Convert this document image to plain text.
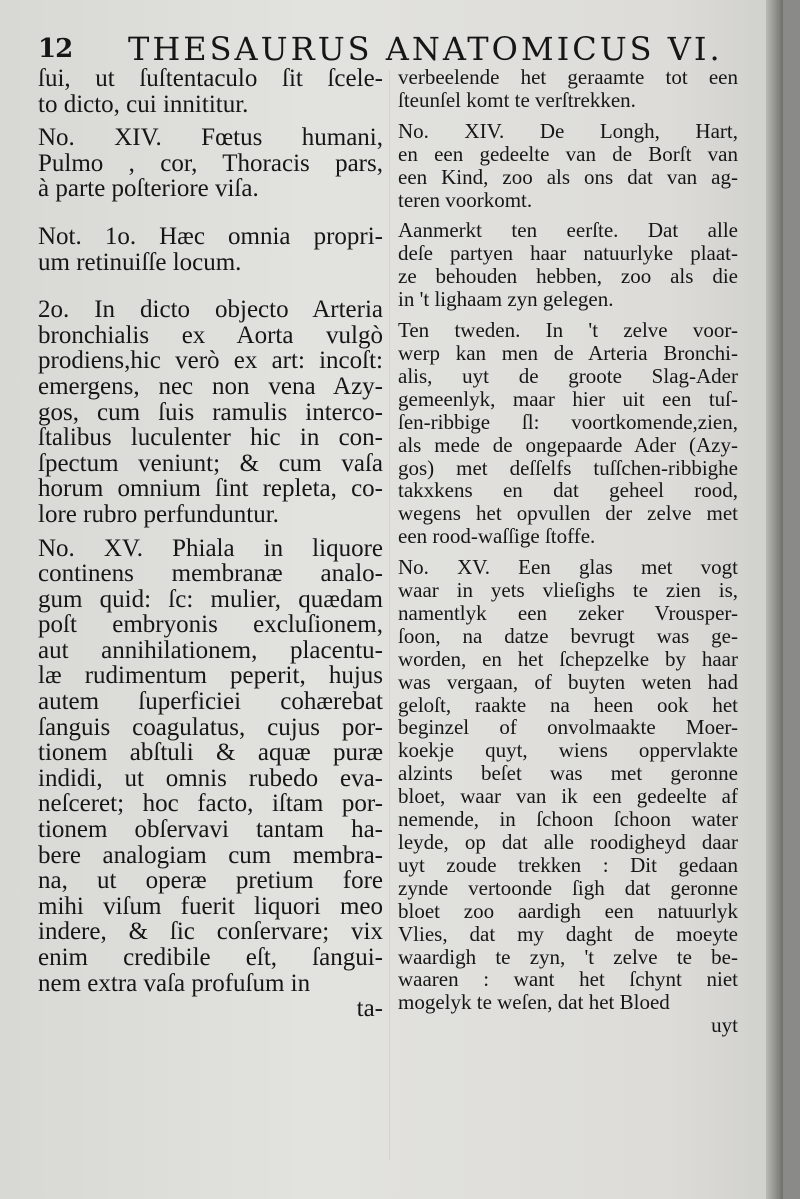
12 THESAURUS ANATOMICUS VI.
ſui, ut ſuſtentaculo ſit ſcele-
to dicto, cui innititur.
No. XIV. Fœtus humani,
Pulmo , cor, Thoracis pars,
à parte poſteriore viſa.
Not. 1o. Hæc omnia propri-
um retinuiſſe locum.
2o. In dicto objecto Arteria
bronchialis ex Aorta vulgò
prodiens,hic verò ex art: incoſt:
emergens, nec non vena Azy-
gos, cum ſuis ramulis interco-
ſtalibus luculenter hic in con-
ſpectum veniunt; & cum vaſa
horum omnium ſint repleta, co-
lore rubro perfunduntur.
No. XV. Phiala in liquore
continens membranæ analo-
gum quid: ſc: mulier, quædam
poſt embryonis excluſionem,
aut annihilationem, placentu-
læ rudimentum peperit, hujus
autem ſuperficiei cohærebat
ſanguis coagulatus, cujus por-
tionem abſtuli & aquæ puræ
indidi, ut omnis rubedo eva-
neſceret; hoc facto, iſtam por-
tionem obſervavi tantam ha-
bere analogiam cum membra-
na, ut operæ pretium fore
mihi viſum fuerit liquori meo
indere, & ſic conſervare; vix
enim credibile eſt, ſangui-
nem extra vaſa profuſum in
ta-
verbeelende het geraamte tot een
ſteunſel komt te verſtrekken.
No. XIV. De Longh, Hart,
en een gedeelte van de Borſt van
een Kind, zoo als ons dat van ag-
teren voorkomt.
Aanmerkt ten eerſte. Dat alle
deſe partyen haar natuurlyke plaat-
ze behouden hebben, zoo als die
in 't lighaam zyn gelegen.
Ten tweden. In 't zelve voor-
werp kan men de Arteria Bronchi-
alis, uyt de groote Slag-Ader
gemeenlyk, maar hier uit een tuſ-
ſen-ribbige ſl: voortkomende,zien,
als mede de ongepaarde Ader (Azy-
gos) met deſſelfs tuſſchen-ribbighe
takxkens en dat geheel rood,
wegens het opvullen der zelve met
een rood-waſſige ſtoffe.
No. XV. Een glas met vogt
waar in yets vlieſighs te zien is,
namentlyk een zeker Vrousper-
ſoon, na datze bevrugt was ge-
worden, en het ſchepzelke by haar
was vergaan, of buyten weten had
geloſt, raakte na heen ook het
beginzel of onvolmaakte Moer-
koekje quyt, wiens oppervlakte
alzints beſet was met geronne
bloet, waar van ik een gedeelte af
nemende, in ſchoon ſchoon water
leyde, op dat alle roodigheyd daar
uyt zoude trekken : Dit gedaan
zynde vertoonde ſigh dat geronne
bloet zoo aardigh een natuurlyk
Vlies, dat my daght de moeyte
waardigh te zyn, 't zelve te be-
waaren : want het ſchynt niet
mogelyk te weſen, dat het Bloed
uyt
